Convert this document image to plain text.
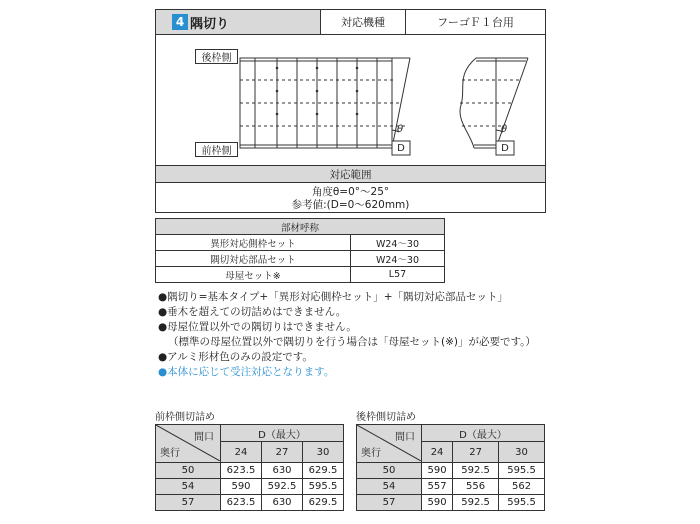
4 隅切り	対応機種	フーゴＦ１台用
後枠側
前枠側
θ
D
θ
D
対応範囲
角度θ=0°～25°
参考値:(D=0～620mm)
部材呼称	
異形対応側枠セット	W24～30
隅切対応部品セット	W24～30
母屋セット※	L57
●隅切り=基本タイプ+「異形対応側枠セット」+「隅切対応部品セット」
●垂木を超えての切詰めはできません。
●母屋位置以外での隅切りはできません。
（標準の母屋位置以外で隅切りを行う場合は「母屋セット(※)」が必要です。）
●アルミ形材色のみの設定です。
●本体に応じて受注対応となります。
前枠側切詰め
間口
奥行	D（最大）		
	24	27	30
50	623.5	630	629.5
54	590	592.5	595.5
57	623.5	630	629.5
後枠側切詰め
間口
奥行	D（最大）		
	24	27	30
50	590	592.5	595.5
54	557	556	562
57	590	592.5	595.5
